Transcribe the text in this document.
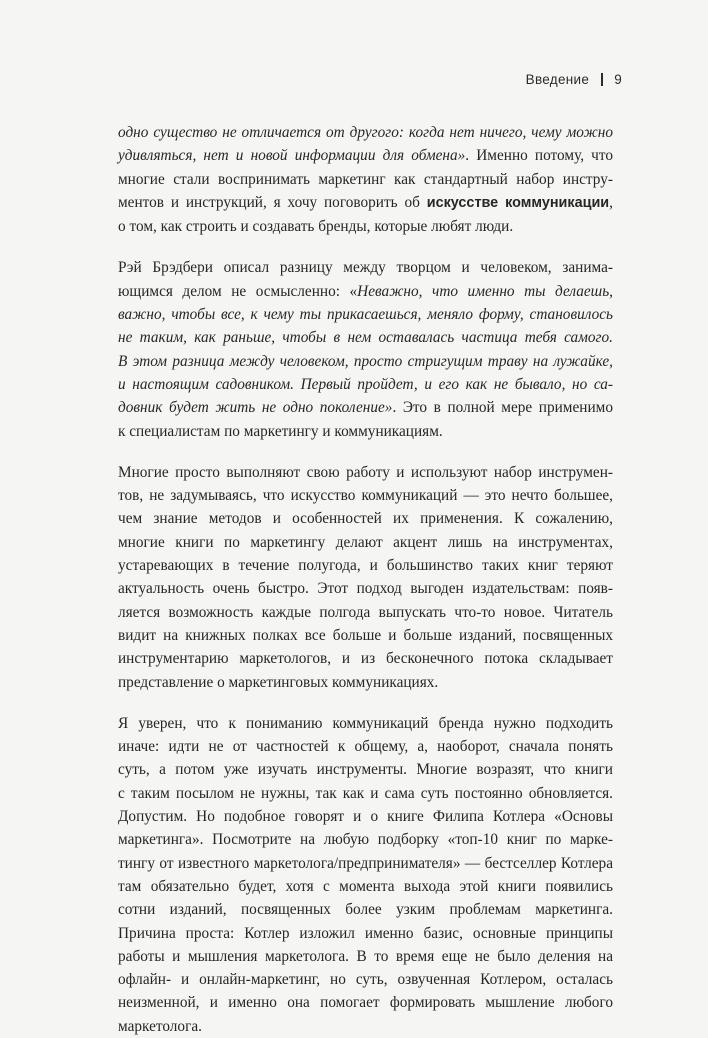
Введение 9
одно существо не отличается от другого: когда нет ничего, чему можно
удивляться, нет и новой информации для обмена». Именно потому, что
многие стали воспринимать маркетинг как стандартный набор инстру-
ментов и инструкций, я хочу поговорить об искусстве коммуникации,
о том, как строить и создавать бренды, которые любят люди.
Рэй Брэдбери описал разницу между творцом и человеком, занима-
ющимся делом не осмысленно: «Неважно, что именно ты делаешь,
важно, чтобы все, к чему ты прикасаешься, меняло форму, становилось
не таким, как раньше, чтобы в нем оставалась частица тебя самого.
В этом разница между человеком, просто стригущим траву на лужайке,
и настоящим садовником. Первый пройдет, и его как не бывало, но са-
довник будет жить не одно поколение». Это в полной мере применимо
к специалистам по маркетингу и коммуникациям.
Многие просто выполняют свою работу и используют набор инструмен-
тов, не задумываясь, что искусство коммуникаций — это нечто большее,
чем знание методов и особенностей их применения. К сожалению,
многие книги по маркетингу делают акцент лишь на инструментах,
устаревающих в течение полугода, и большинство таких книг теряют
актуальность очень быстро. Этот подход выгоден издательствам: появ-
ляется возможность каждые полгода выпускать что-то новое. Читатель
видит на книжных полках все больше и больше изданий, посвященных
инструментарию маркетологов, и из бесконечного потока складывает
представление о маркетинговых коммуникациях.
Я уверен, что к пониманию коммуникаций бренда нужно подходить
иначе: идти не от частностей к общему, а, наоборот, сначала понять
суть, а потом уже изучать инструменты. Многие возразят, что книги
с таким посылом не нужны, так как и сама суть постоянно обновляется.
Допустим. Но подобное говорят и о книге Филипа Котлера «Основы
маркетинга». Посмотрите на любую подборку «топ-10 книг по марке-
тингу от известного маркетолога/предпринимателя» — бестселлер Котлера
там обязательно будет, хотя с момента выхода этой книги появились
сотни изданий, посвященных более узким проблемам маркетинга.
Причина проста: Котлер изложил именно базис, основные принципы
работы и мышления маркетолога. В то время еще не было деления на
офлайн- и онлайн-маркетинг, но суть, озвученная Котлером, осталась
неизменной, и именно она помогает формировать мышление любого
маркетолога.
